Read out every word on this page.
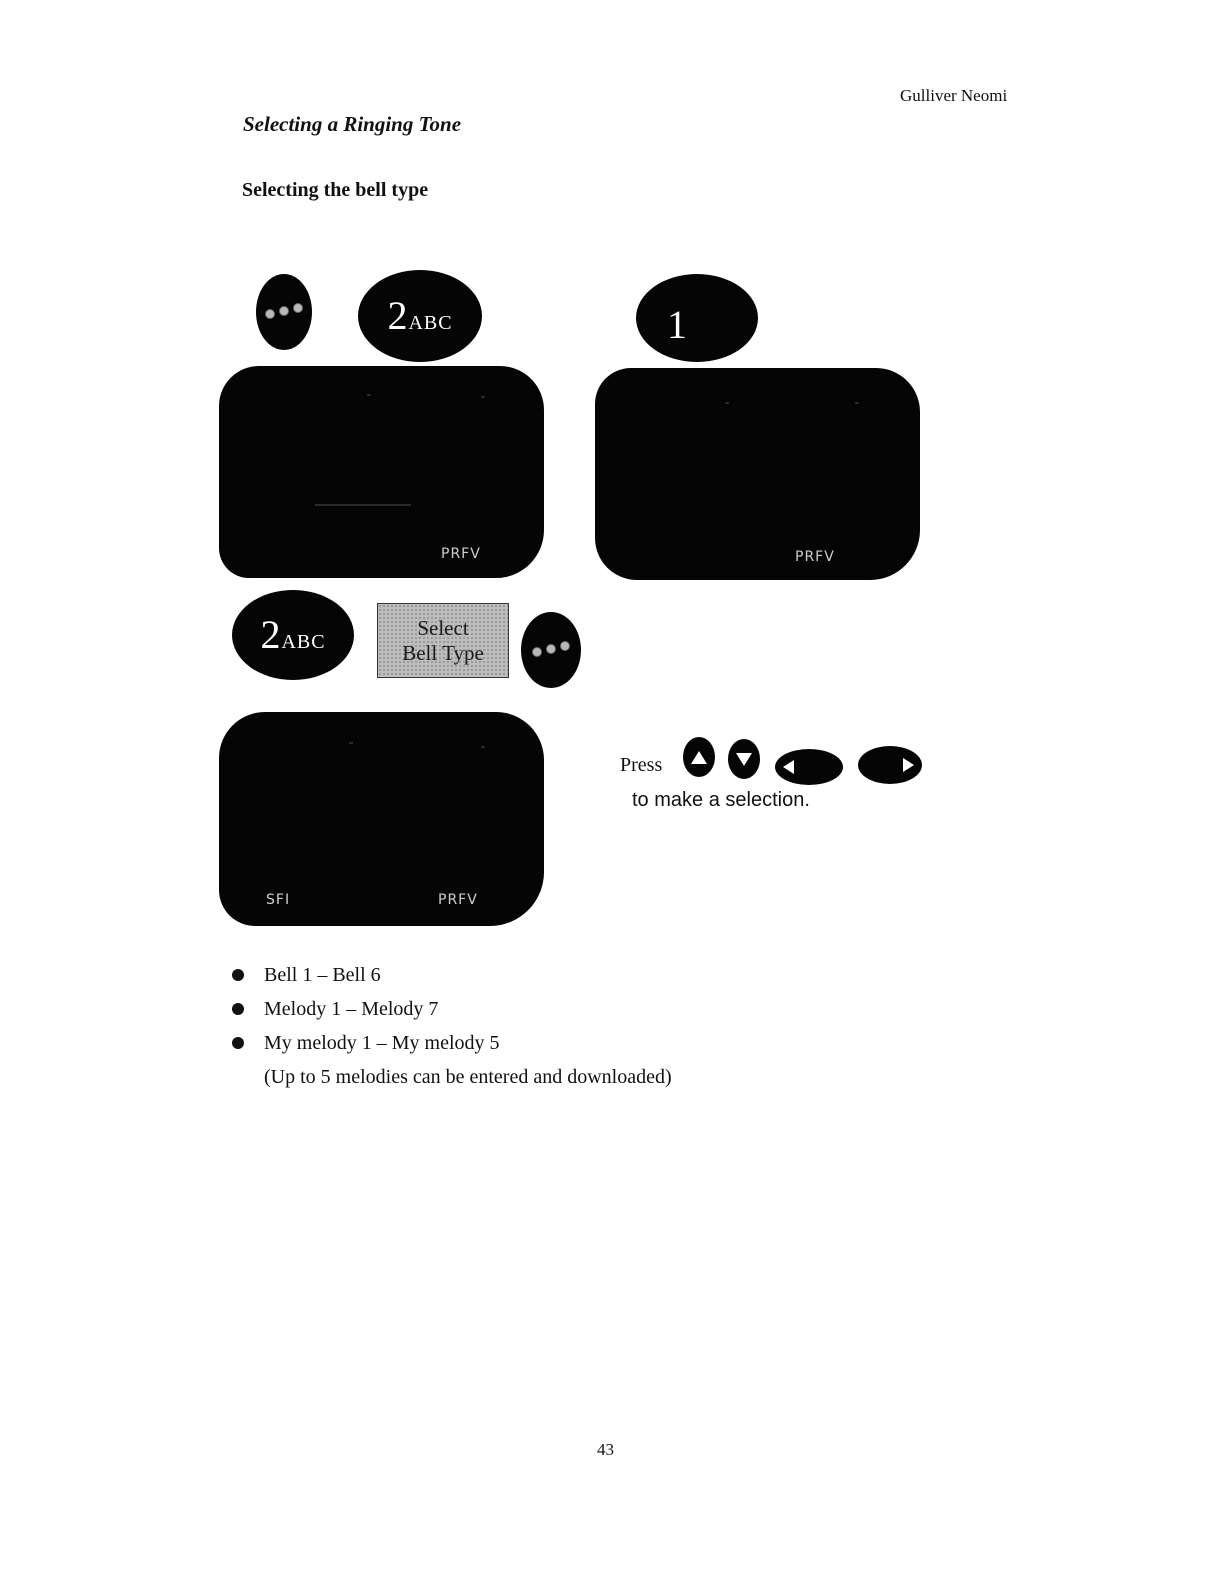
Gulliver Neomi
Selecting a Ringing Tone
Selecting the bell type
2 ABC	1
PRFV	PRFV
2 ABC
Select
Bell Type
SFI	PRFV
Press
to make a selection.
Bell 1 – Bell 6
Melody 1 – Melody 7
My melody 1 – My melody 5
(Up to 5 melodies can be entered and downloaded)
43
